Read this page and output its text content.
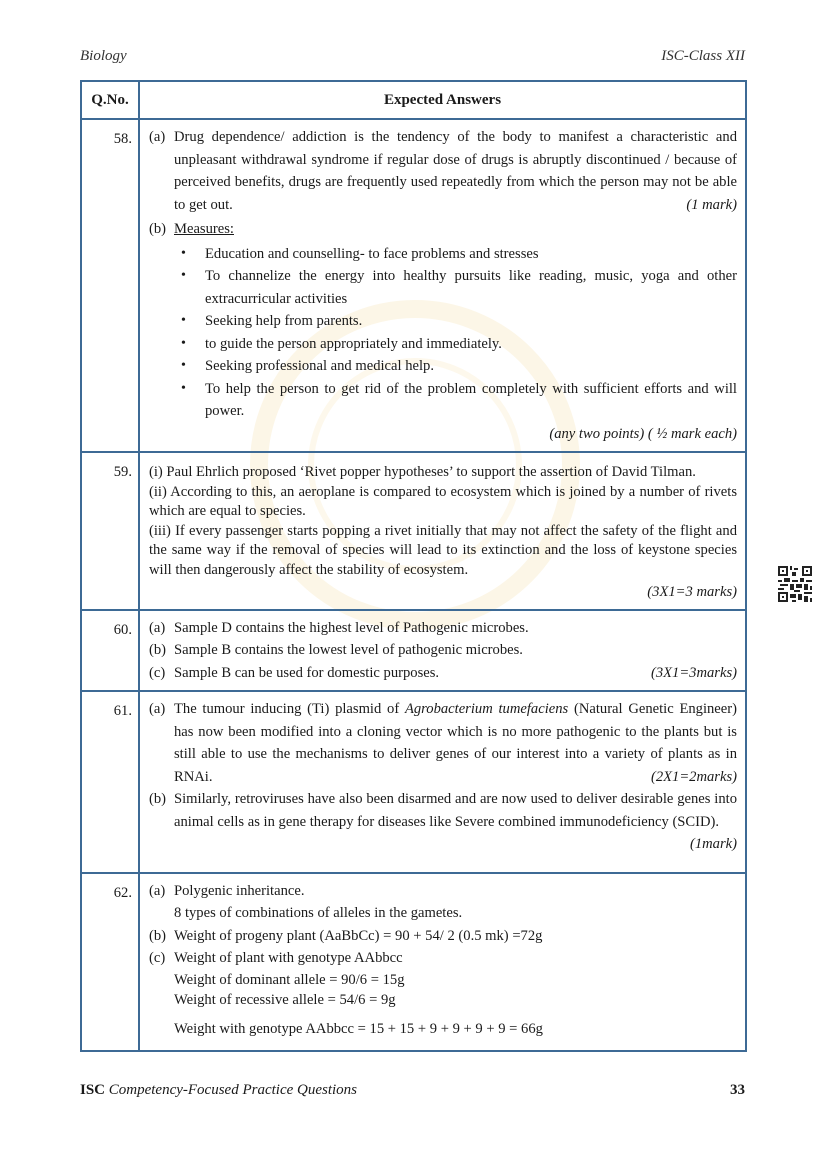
Biology	ISC-Class XII
Q.No.	Expected Answers
58.	(a) Drug dependence/ addiction is the tendency of the body to manifest a characteristic and unpleasant withdrawal syndrome if regular dose of drugs is abruptly discontinued / because of perceived benefits, drugs are frequently used repeatedly from which the person may not be able to get out.	(1 mark)
(b) Measures:
• Education and counselling- to face problems and stresses
• To channelize the energy into healthy pursuits like reading, music, yoga and other extracurricular activities
• Seeking help from parents.
• to guide the person appropriately and immediately.
• Seeking professional and medical help.
• To help the person to get rid of the problem completely with sufficient efforts and will power.
(any two points) ( ½ mark each)

59.	(i) Paul Ehrlich proposed ‘Rivet popper hypotheses’ to support the assertion of David Tilman.
(ii) According to this, an aeroplane is compared to ecosystem which is joined by a number of rivets which are equal to species.
(iii) If every passenger starts popping a rivet initially that may not affect the safety of the flight and the same way if the removal of species will lead to its extinction and the loss of keystone species will then dangerously affect the stability of ecosystem.
(3X1=3 marks)

60.	(a) Sample D contains the highest level of Pathogenic microbes.
(b) Sample B contains the lowest level of pathogenic microbes.
(c) Sample B can be used for domestic purposes.	(3X1=3marks)

61.	(a) The tumour inducing (Ti) plasmid of Agrobacterium tumefaciens (Natural Genetic Engineer) has now been modified into a cloning vector which is no more pathogenic to the plants but is still able to use the mechanisms to deliver genes of our interest into a variety of plants as in RNAi.	(2X1=2marks)
(b) Similarly, retroviruses have also been disarmed and are now used to deliver desirable genes into animal cells as in gene therapy for diseases like Severe combined immunodeficiency (SCID).
(1mark)

62.	(a) Polygenic inheritance.
8 types of combinations of alleles in the gametes.
(b) Weight of progeny plant (AaBbCc) = 90 + 54/ 2 (0.5 mk) =72g
(c) Weight of plant with genotype AAbbcc
Weight of dominant allele = 90/6 = 15g
Weight of recessive allele = 54/6 = 9g
Weight with genotype AAbbcc = 15 + 15 + 9 + 9 + 9 + 9 = 66g
ISC Competency-Focused Practice Questions	33
